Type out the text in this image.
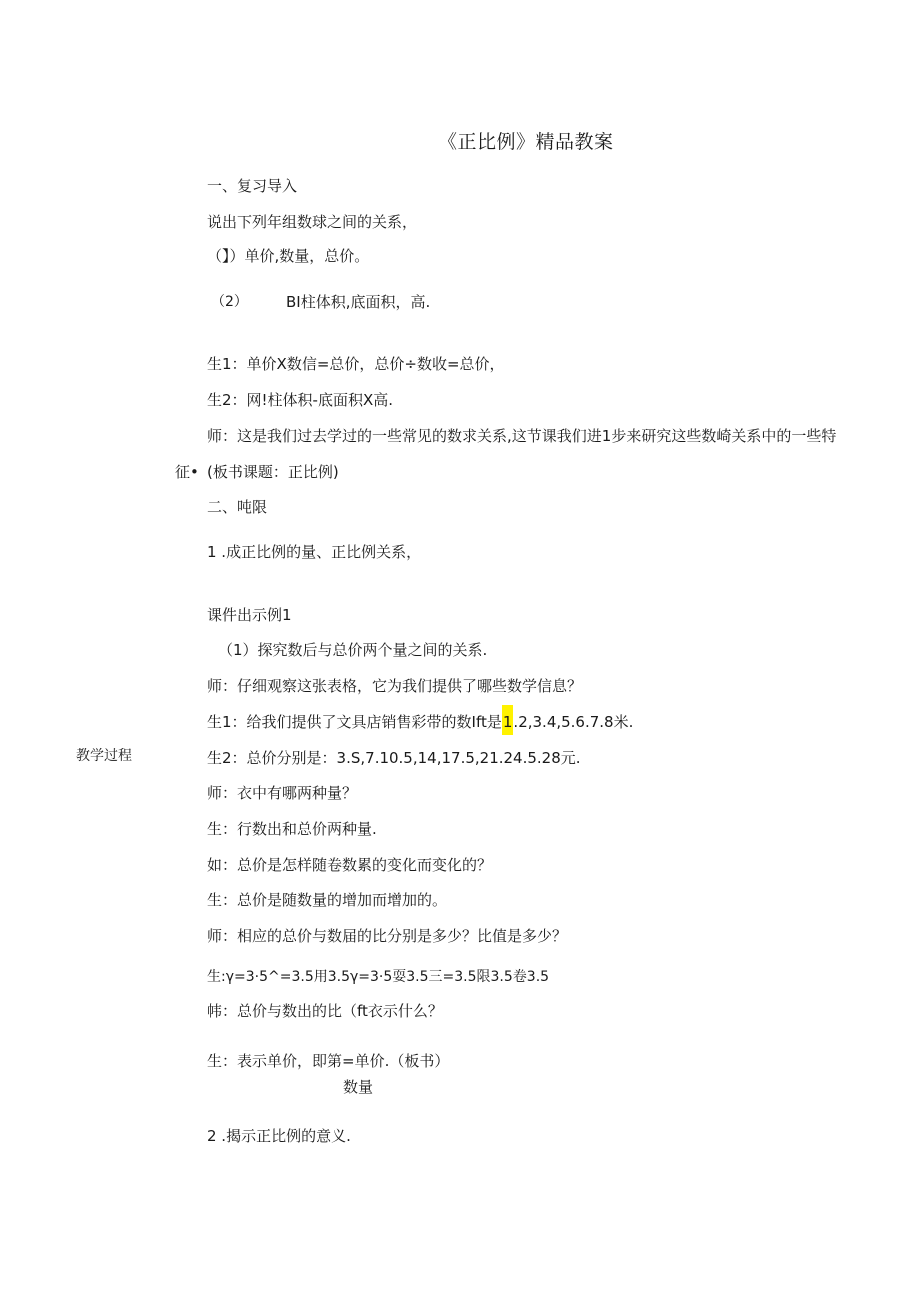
《正比例》精品教案
教学过程
一、复习导入
说出下列年组数球之间的关系，
（】）单价,数量，总价。
（2）	BI柱体积,底面积，高.
生1：单价X数信=总价，总价÷数收=总价，
生2：网!柱体积-底面积X高.
师：这是我们过去学过的一些常见的数求关系,这节课我们进1步来研究这些数崎关系中的一些特
征• (板书课题：正比例)
二、吨限
1 .成正比例的量、正比例关系，
课件出示例1
（1）探究数后与总价两个量之间的关系.
师：仔细观察这张表格，它为我们提供了哪些数学信息？
生1：给我们提供了文具店销售彩带的数Ift是1.2,3.4,5.6.7.8米.
生2：总价分别是：3.S,7.10.5,14,17.5,21.24.5.28元.
师：衣中有哪两种量？
生：行数出和总价两种量.
如：总价是怎样随卷数累的变化而变化的？
生：总价是随数量的增加而增加的。
师：相应的总价与数届的比分别是多少？比值是多少？
生:γ=3·5^=3.5用3.5γ=3·5耍3.5三=3.5限3.5卷3.5
帏：总价与数出的比（ft衣示什么？
生：表示单价，即第=单价.（板书）
数量
2 .揭示正比例的意义.
